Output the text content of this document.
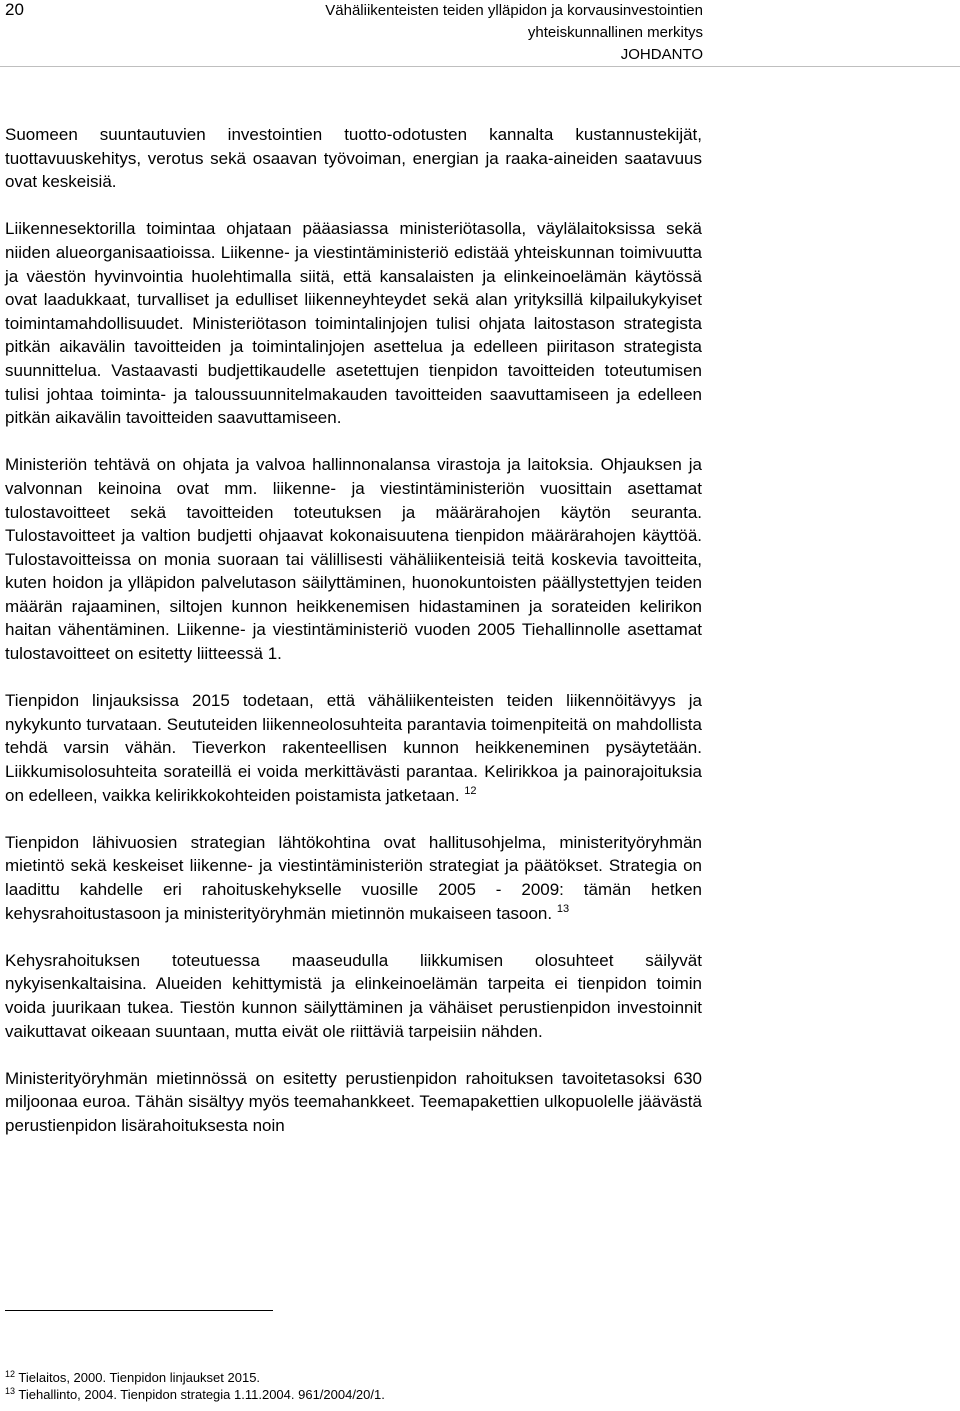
20	Vähäliikenteisten teiden ylläpidon ja korvausinvestointien
yhteiskunnallinen merkitys
JOHDANTO

Suomeen suuntautuvien investointien tuotto-odotusten kannalta kustannustekijät, tuottavuuskehitys, verotus sekä osaavan työvoiman, energian ja raaka-aineiden saatavuus ovat keskeisiä.

Liikennesektorilla toimintaa ohjataan pääasiassa ministeriötasolla, väylälaitoksissa sekä niiden alueorganisaatioissa. Liikenne- ja viestintäministeriö edistää yhteiskunnan toimivuutta ja väestön hyvinvointia huolehtimalla siitä, että kansalaisten ja elinkeinoelämän käytössä ovat laadukkaat, turvalliset ja edulliset liikenneyhteydet sekä alan yrityksillä kilpailukykyiset toimintamahdollisuudet. Ministeriötason toimintalinjojen tulisi ohjata laitostason strategista pitkän aikavälin tavoitteiden ja toimintalinjojen asettelua ja edelleen piiritason strategista suunnittelua. Vastaavasti budjettikaudelle asetettujen tienpidon tavoitteiden toteutumisen tulisi johtaa toiminta- ja taloussuunnitelmakauden tavoitteiden saavuttamiseen ja edelleen pitkän aikavälin tavoitteiden saavuttamiseen.

Ministeriön tehtävä on ohjata ja valvoa hallinnonalansa virastoja ja laitoksia. Ohjauksen ja valvonnan keinoina ovat mm. liikenne- ja viestintäministeriön vuosittain asettamat tulostavoitteet sekä tavoitteiden toteutuksen ja määrärahojen käytön seuranta. Tulostavoitteet ja valtion budjetti ohjaavat kokonaisuutena tienpidon määrärahojen käyttöä. Tulostavoitteissa on monia suoraan tai välillisesti vähäliikenteisiä teitä koskevia tavoitteita, kuten hoidon ja ylläpidon palvelutason säilyttäminen, huonokuntoisten päällystettyjen teiden määrän rajaaminen, siltojen kunnon heikkenemisen hidastaminen ja sorateiden kelirikon haitan vähentäminen. Liikenne- ja viestintäministeriö vuoden 2005 Tiehallinnolle asettamat tulostavoitteet on esitetty liitteessä 1.

Tienpidon linjauksissa 2015 todetaan, että vähäliikenteisten teiden liikennöitävyys ja nykykunto turvataan. Seututeiden liikenneolosuhteita parantavia toimenpiteitä on mahdollista tehdä varsin vähän. Tieverkon rakenteellisen kunnon heikkeneminen pysäytetään. Liikkumisolosuhteita sorateillä ei voida merkittävästi parantaa. Kelirikkoa ja painorajoituksia on edelleen, vaikka kelirikkokohteiden poistamista jatketaan. $^{12}$

Tienpidon lähivuosien strategian lähtökohtina ovat hallitusohjelma, ministerityöryhmän mietintö sekä keskeiset liikenne- ja viestintäministeriön strategiat ja päätökset. Strategia on laadittu kahdelle eri rahoituskehykselle vuosille 2005 - 2009: tämän hetken kehysrahoitustasoon ja ministerityöryhmän mietinnön mukaiseen tasoon. $^{13}$

Kehysrahoituksen toteutuessa maaseudulla liikkumisen olosuhteet säilyvät nykyisenkaltaisina. Alueiden kehittymistä ja elinkeinoelämän tarpeita ei tienpidon toimin voida juurikaan tukea. Tiestön kunnon säilyttäminen ja vähäiset perustienpidon investoinnit vaikuttavat oikeaan suuntaan, mutta eivät ole riittäviä tarpeisiin nähden.

Ministerityöryhmän mietinnössä on esitetty perustienpidon rahoituksen tavoitetasoksi 630 miljoonaa euroa. Tähän sisältyy myös teemahankkeet. Teemapakettien ulkopuolelle jäävästä perustienpidon lisärahoituksesta noin

$^{12}$ Tielaitos, 2000. Tienpidon linjaukset 2015.
$^{13}$ Tiehallinto, 2004. Tienpidon strategia 1.11.2004. 961/2004/20/1.
